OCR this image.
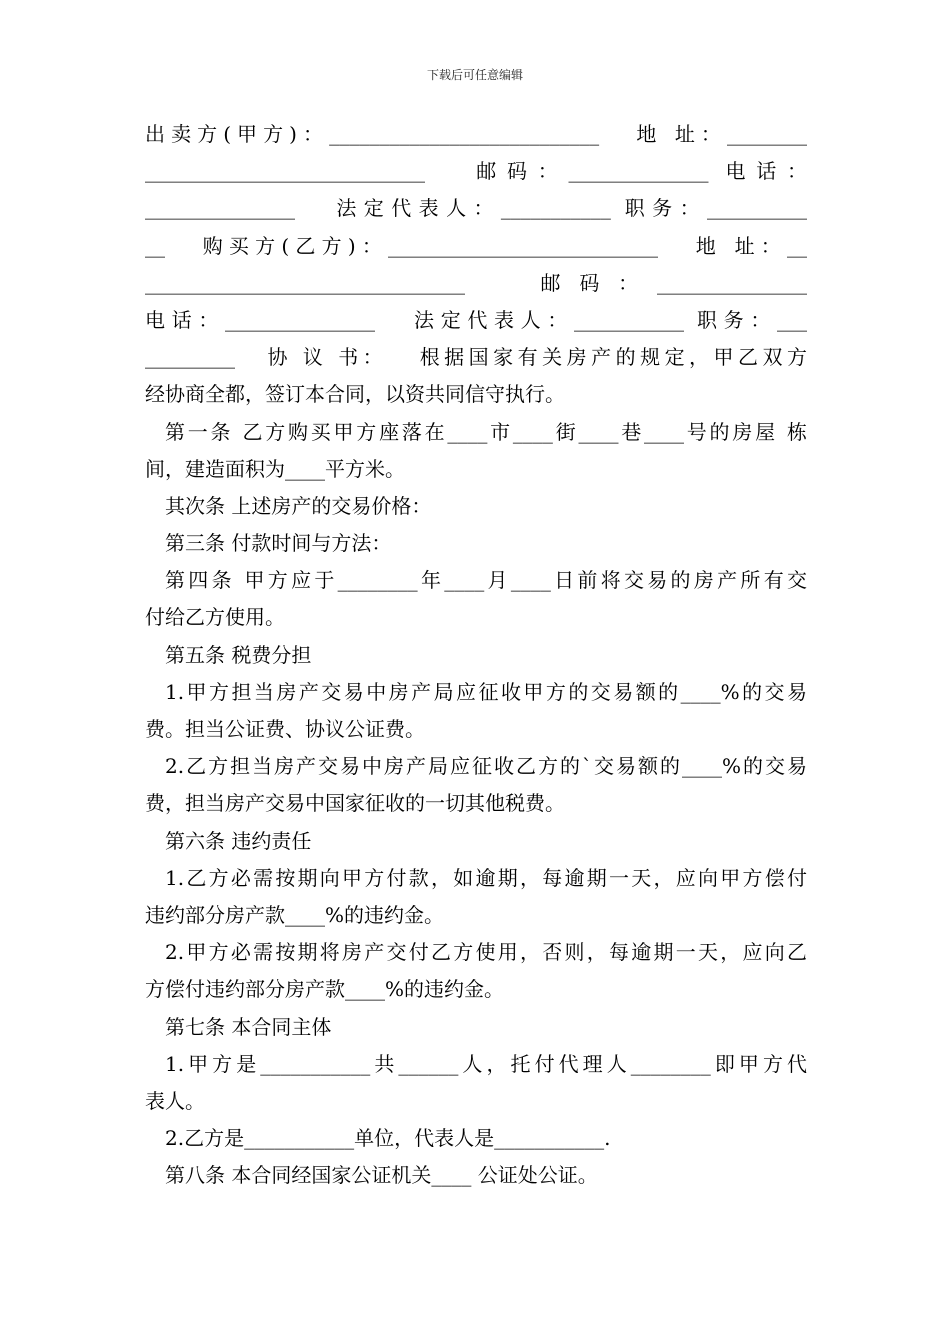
下载后可任意编辑
出卖方(甲方)：___________________________   地 址：________
____________________________   邮码：______________ 电话：
_______________   法定代表人：___________ 职务：__________
__   购买方(乙方)：___________________________   地 址：__
________________________________   邮码：_______________
电话：_______________   法定代表人：___________ 职务：___
_________   协 议 书：   根据国家有关房产的规定，甲乙双方
经协商全都，签订本合同，以资共同信守执行。
第一条 乙方购买甲方座落在____市____街____巷____号的房屋 栋
间，建造面积为____平方米。
其次条 上述房产的交易价格：
第三条 付款时间与方法：
第四条 甲方应于________年____月____日前将交易的房产所有交
付给乙方使用。
第五条 税费分担
1.甲方担当房产交易中房产局应征收甲方的交易额的____%的交易
费。担当公证费、协议公证费。
2.乙方担当房产交易中房产局应征收乙方的`交易额的____%的交易
费，担当房产交易中国家征收的一切其他税费。
第六条 违约责任
1.乙方必需按期向甲方付款，如逾期，每逾期一天，应向甲方偿付
违约部分房产款____%的违约金。
2.甲方必需按期将房产交付乙方使用，否则，每逾期一天，应向乙
方偿付违约部分房产款____%的违约金。
第七条 本合同主体
1.甲方是___________共______人，托付代理人________即甲方代
表人。
2.乙方是___________单位，代表人是___________.
第八条 本合同经国家公证机关____ 公证处公证。
